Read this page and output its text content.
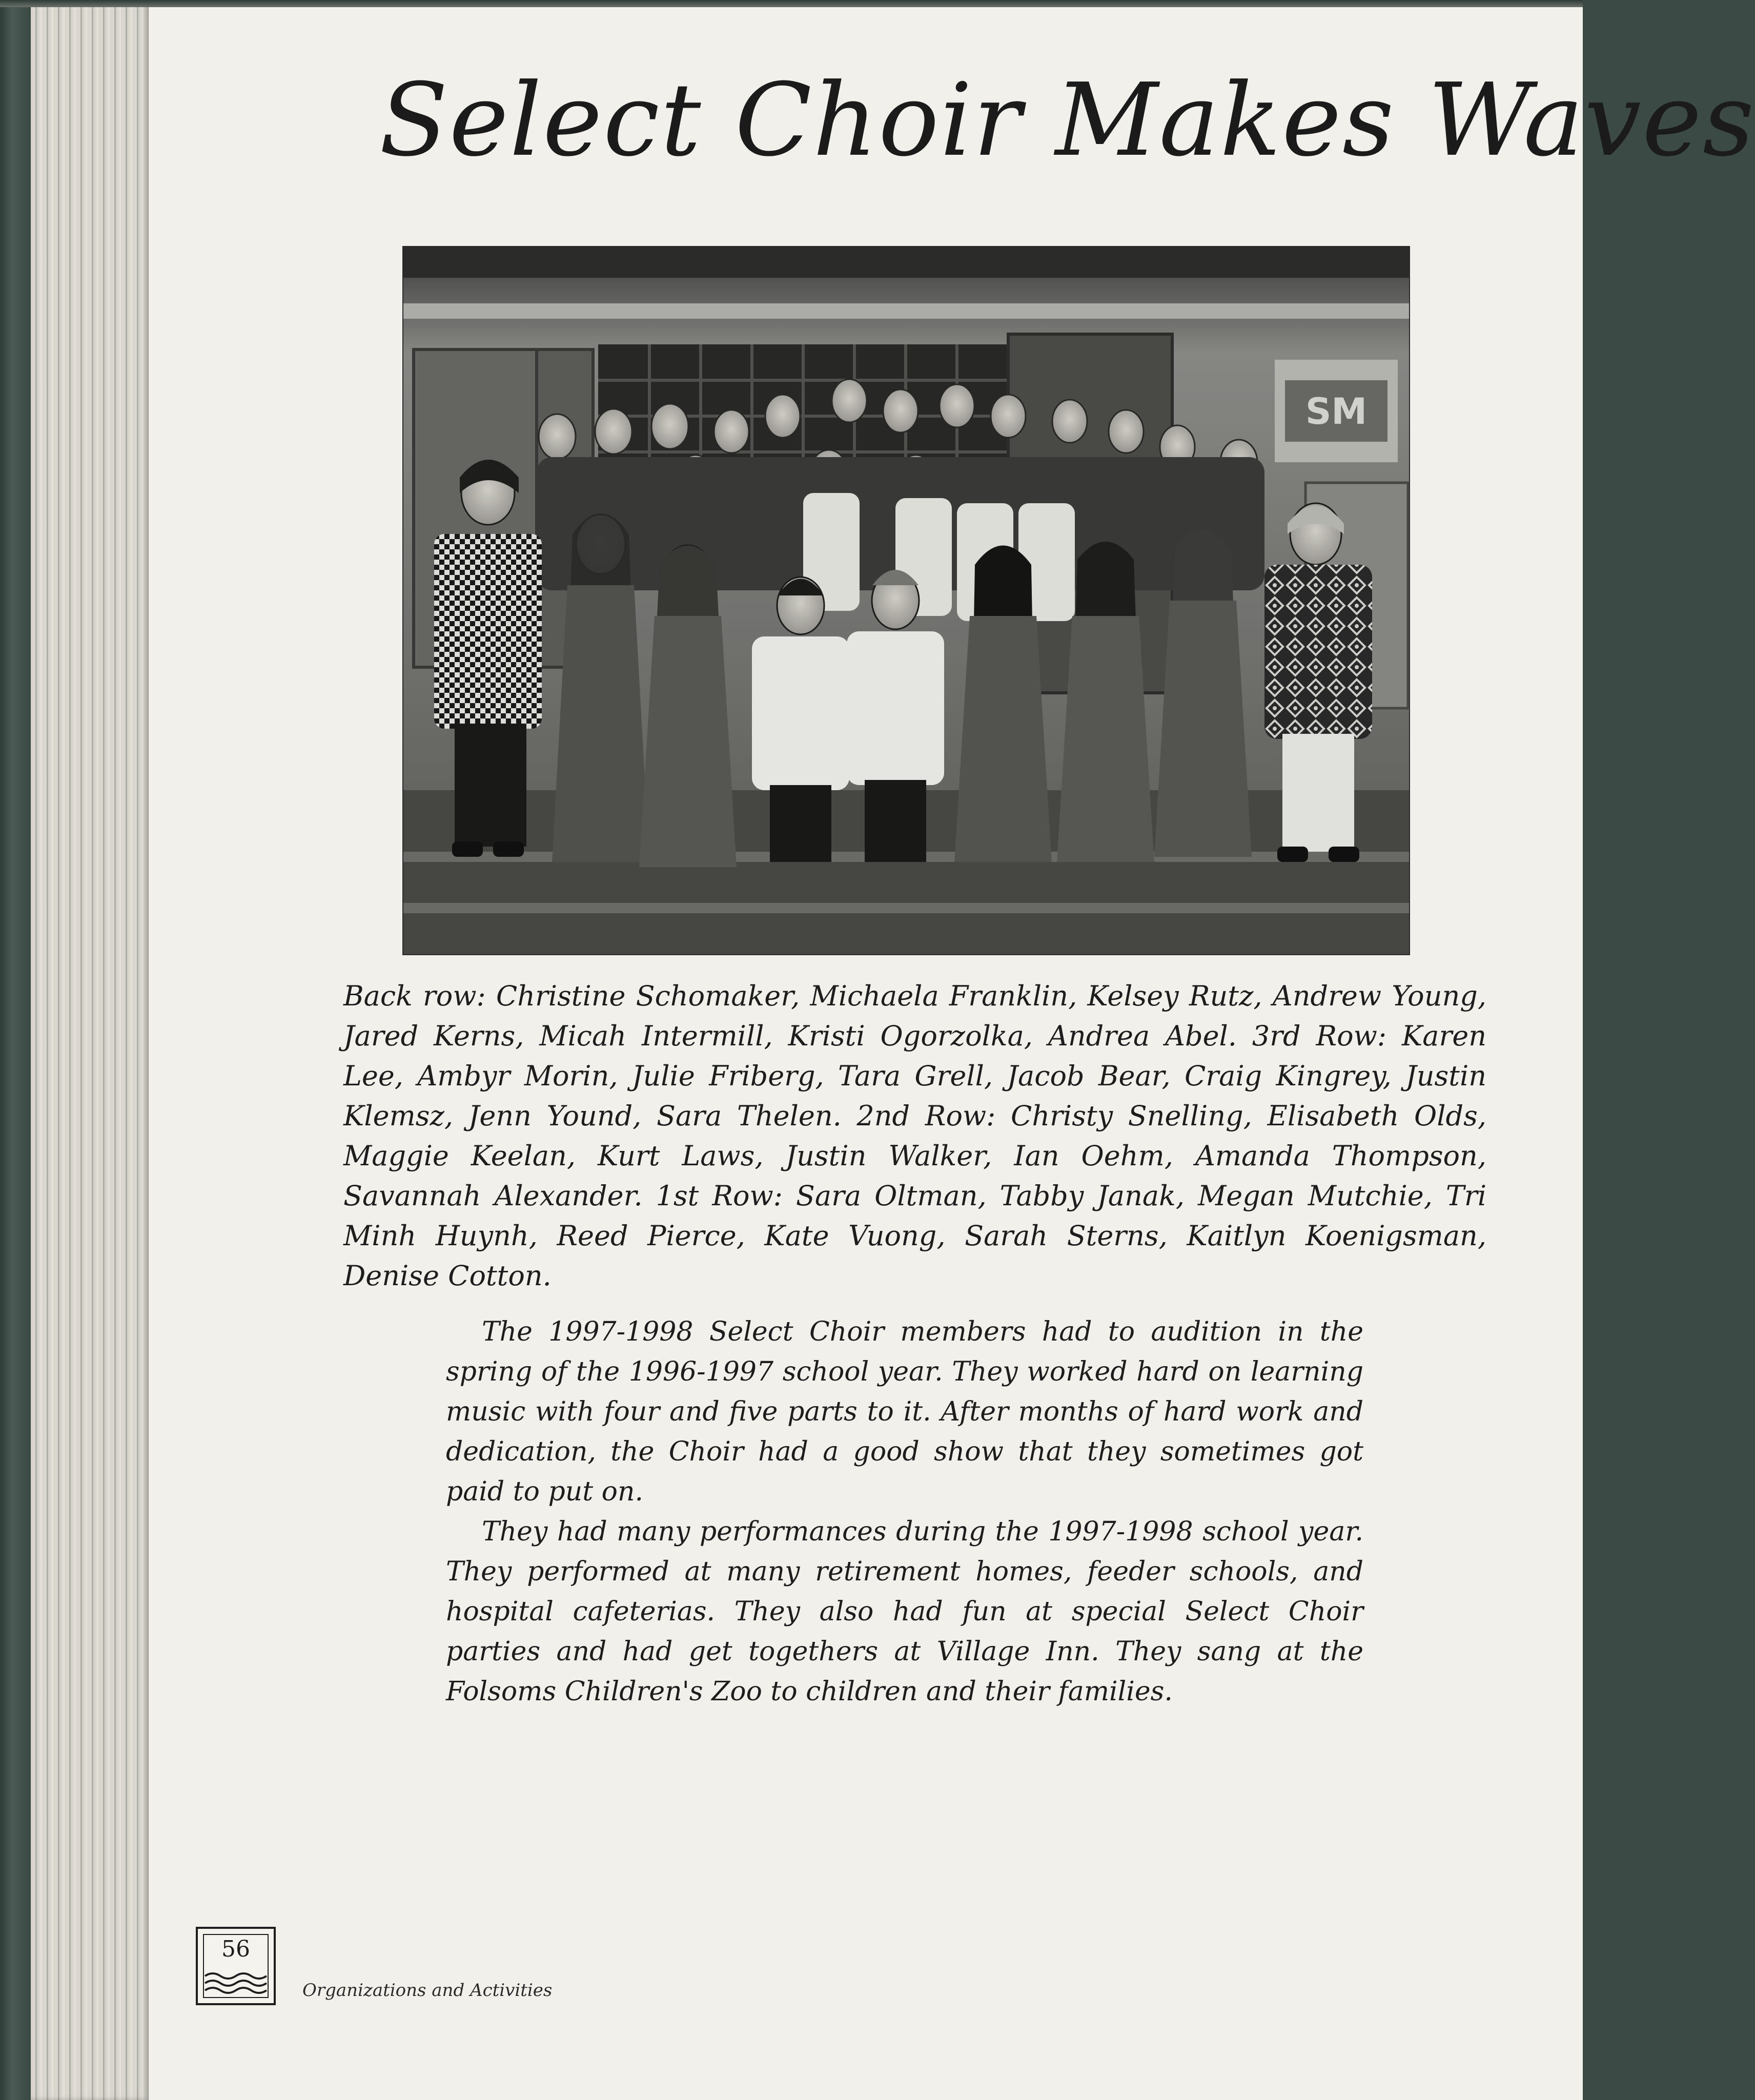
Select Choir Makes Waves
SM
Back row: Christine Schomaker, Michaela Franklin, Kelsey Rutz, Andrew Young, Jared Kerns, Micah Intermill, Kristi Ogorzolka, Andrea Abel. 3rd Row: Karen Lee, Ambyr Morin, Julie Friberg, Tara Grell, Jacob Bear, Craig Kingrey, Justin Klemsz, Jenn Yound, Sara Thelen. 2nd Row: Christy Snelling, Elisabeth Olds, Maggie Keelan, Kurt Laws, Justin Walker, Ian Oehm, Amanda Thompson, Savannah Alexander. 1st Row: Sara Oltman, Tabby Janak, Megan Mutchie, Tri Minh Huynh, Reed Pierce, Kate Vuong, Sarah Sterns, Kaitlyn Koenigsman, Denise Cotton.

The 1997-1998 Select Choir members had to audition in the spring of the 1996-1997 school year. They worked hard on learning music with four and five parts to it. After months of hard work and dedication, the Choir had a good show that they sometimes got paid to put on.

They had many performances during the 1997-1998 school year. They performed at many retirement homes, feeder schools, and hospital cafeterias. They also had fun at special Select Choir parties and had get togethers at Village Inn. They sang at the Folsoms Children's Zoo to children and their families.

56
Organizations and Activities
